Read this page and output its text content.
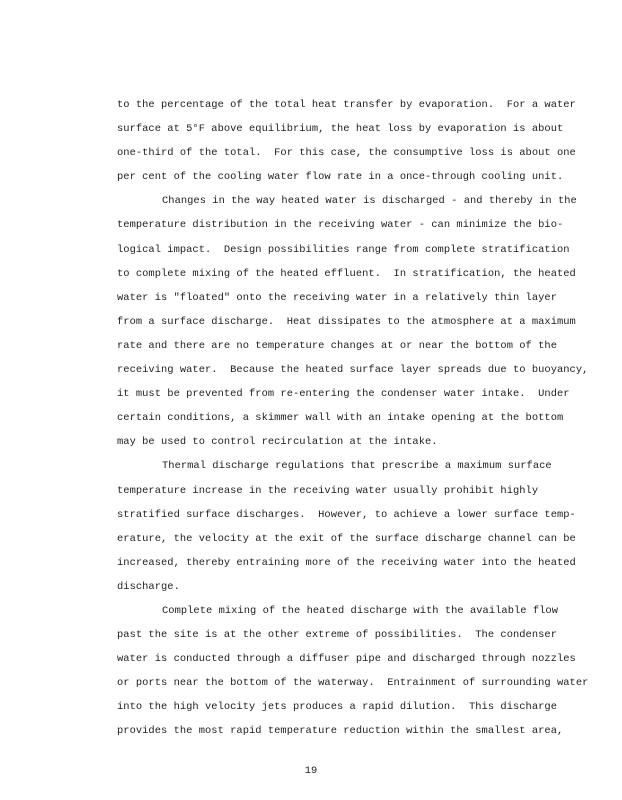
to the percentage of the total heat transfer by evaporation.  For a water
surface at 5°F above equilibrium, the heat loss by evaporation is about
one-third of the total.  For this case, the consumptive loss is about one
per cent of the cooling water flow rate in a once-through cooling unit.
Changes in the way heated water is discharged - and thereby in the
temperature distribution in the receiving water - can minimize the bio-
logical impact.  Design possibilities range from complete stratification
to complete mixing of the heated effluent.  In stratification, the heated
water is "floated" onto the receiving water in a relatively thin layer
from a surface discharge.  Heat dissipates to the atmosphere at a maximum
rate and there are no temperature changes at or near the bottom of the
receiving water.  Because the heated surface layer spreads due to buoyancy,
it must be prevented from re-entering the condenser water intake.  Under
certain conditions, a skimmer wall with an intake opening at the bottom
may be used to control recirculation at the intake.
Thermal discharge regulations that prescribe a maximum surface
temperature increase in the receiving water usually prohibit highly
stratified surface discharges.  However, to achieve a lower surface temp-
erature, the velocity at the exit of the surface discharge channel can be
increased, thereby entraining more of the receiving water into the heated
discharge.
Complete mixing of the heated discharge with the available flow
past the site is at the other extreme of possibilities.  The condenser
water is conducted through a diffuser pipe and discharged through nozzles
or ports near the bottom of the waterway.  Entrainment of surrounding water
into the high velocity jets produces a rapid dilution.  This discharge
provides the most rapid temperature reduction within the smallest area,
19
